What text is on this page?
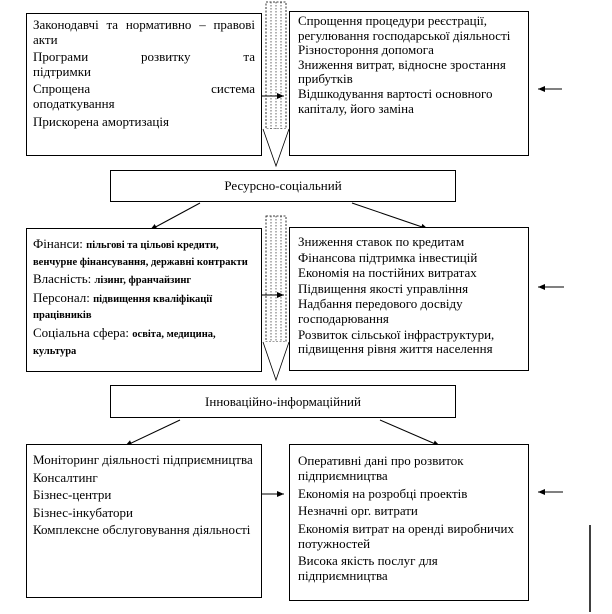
Законодавчі та нормативно – правові акти
Програми розвитку та
підтримки
Спрощена система
оподаткування
Прискорена амортизація
Спрощення процедури реєстрації, регулювання господарської діяльності
Різностороння допомога
Зниження витрат, відносне зростання прибутків
Відшкодування вартості основного капіталу, його заміна
Ресурсно-соціальний
Фінанси: пільгові та цільові кредити, венчурне фінансування, державні контракти
Власність: лізинг, франчайзинг
Персонал: підвищення кваліфікації працівників
Соціальна сфера: освіта, медицина, культура
Зниження ставок по кредитам
Фінансова підтримка інвестицій
Економія на постійних витратах
Підвищення якості управління
Надбання передового досвіду господарювання
Розвиток сільської інфраструктури, підвищення рівня життя населення
Інноваційно-інформаційний
Моніторинг діяльності підприємництва
Консалтинг
Бізнес-центри
Бізнес-інкубатори
Комплексне обслуговування діяльності
Оперативні дані про розвиток підприємництва
Економія на розробці проектів
Незначні орг. витрати
Економія витрат на оренді виробничих потужностей
Висока якість послуг для підприємництва
